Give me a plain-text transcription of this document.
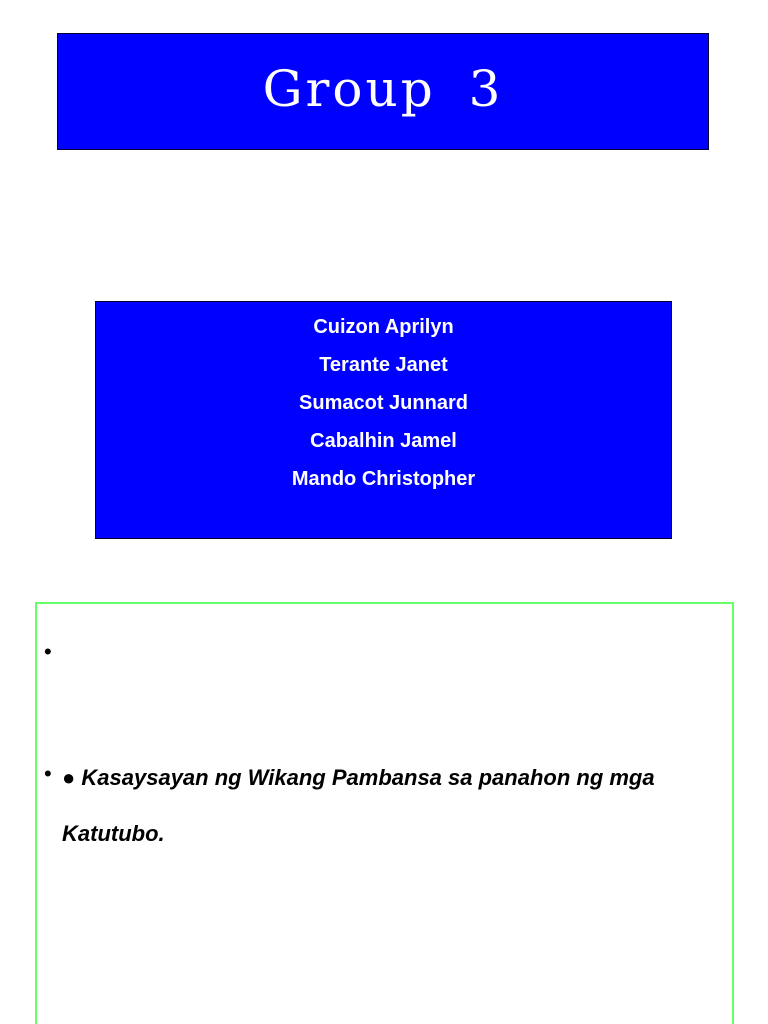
Group 3
Cuizon Aprilyn
Terante Janet
Sumacot Junnard
Cabalhin Jamel
Mando Christopher
•
• ● Kasaysayan ng Wikang Pambansa sa panahon ng mga Katutubo.
